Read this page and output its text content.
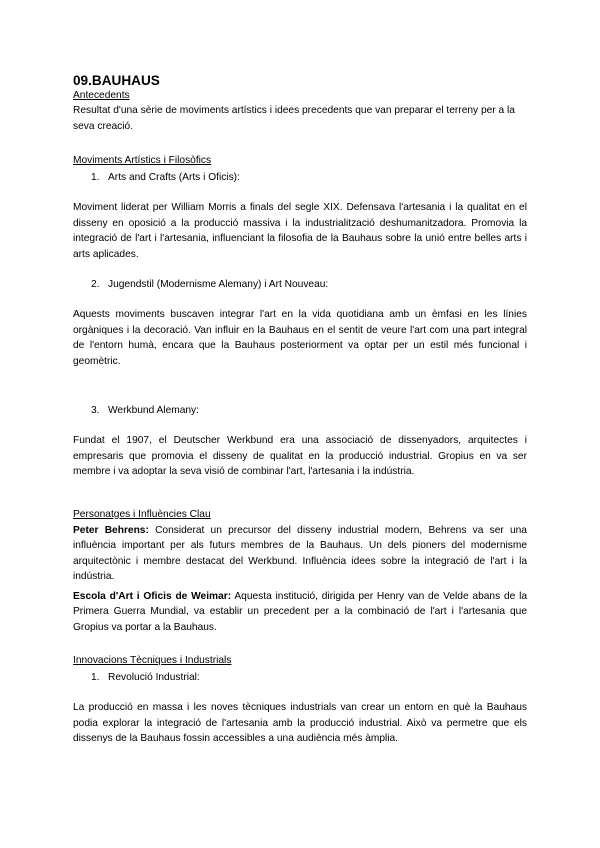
09.BAUHAUS
Antecedents

Resultat d'una sèrie de moviments artístics i idees precedents que van preparar el terreny per a la seva creació.

Moviments Artístics i Filosòfics
1. Arts and Crafts (Arts i Oficis):

Moviment liderat per William Morris a finals del segle XIX. Defensava l'artesania i la qualitat en el disseny en oposició a la producció massiva i la industrialització deshumanitzadora. Promovia la integració de l'art i l'artesania, influenciant la filosofia de la Bauhaus sobre la unió entre belles arts i arts aplicades.

2. Jugendstil (Modernisme Alemany) i Art Nouveau:

Aquests moviments buscaven integrar l'art en la vida quotidiana amb un èmfasi en les línies orgàniques i la decoració. Van influir en la Bauhaus en el sentit de veure l'art com una part integral de l'entorn humà, encara que la Bauhaus posteriorment va optar per un estil més funcional i geomètric.

3. Werkbund Alemany:

Fundat el 1907, el Deutscher Werkbund era una associació de dissenyadors, arquitectes i empresaris que promovia el disseny de qualitat en la producció industrial. Gropius en va ser membre i va adoptar la seva visió de combinar l'art, l'artesania i la indústria.

Personatges i Influències Clau

Peter Behrens: Considerat un precursor del disseny industrial modern, Behrens va ser una influència important per als futurs membres de la Bauhaus. Un dels pioners del modernisme arquitectònic i membre destacat del Werkbund. Influència idees sobre la integració de l'art i la indústria.

Escola d'Art i Oficis de Weimar: Aquesta institució, dirigida per Henry van de Velde abans de la Primera Guerra Mundial, va establir un precedent per a la combinació de l'art i l'artesania que Gropius va portar a la Bauhaus.

Innovacions Tècniques i Industrials
1. Revolució Industrial:

La producció en massa i les noves tècniques industrials van crear un entorn en què la Bauhaus podia explorar la integració de l'artesania amb la producció industrial. Això va permetre que els dissenys de la Bauhaus fossin accessibles a una audiència més àmplia.
